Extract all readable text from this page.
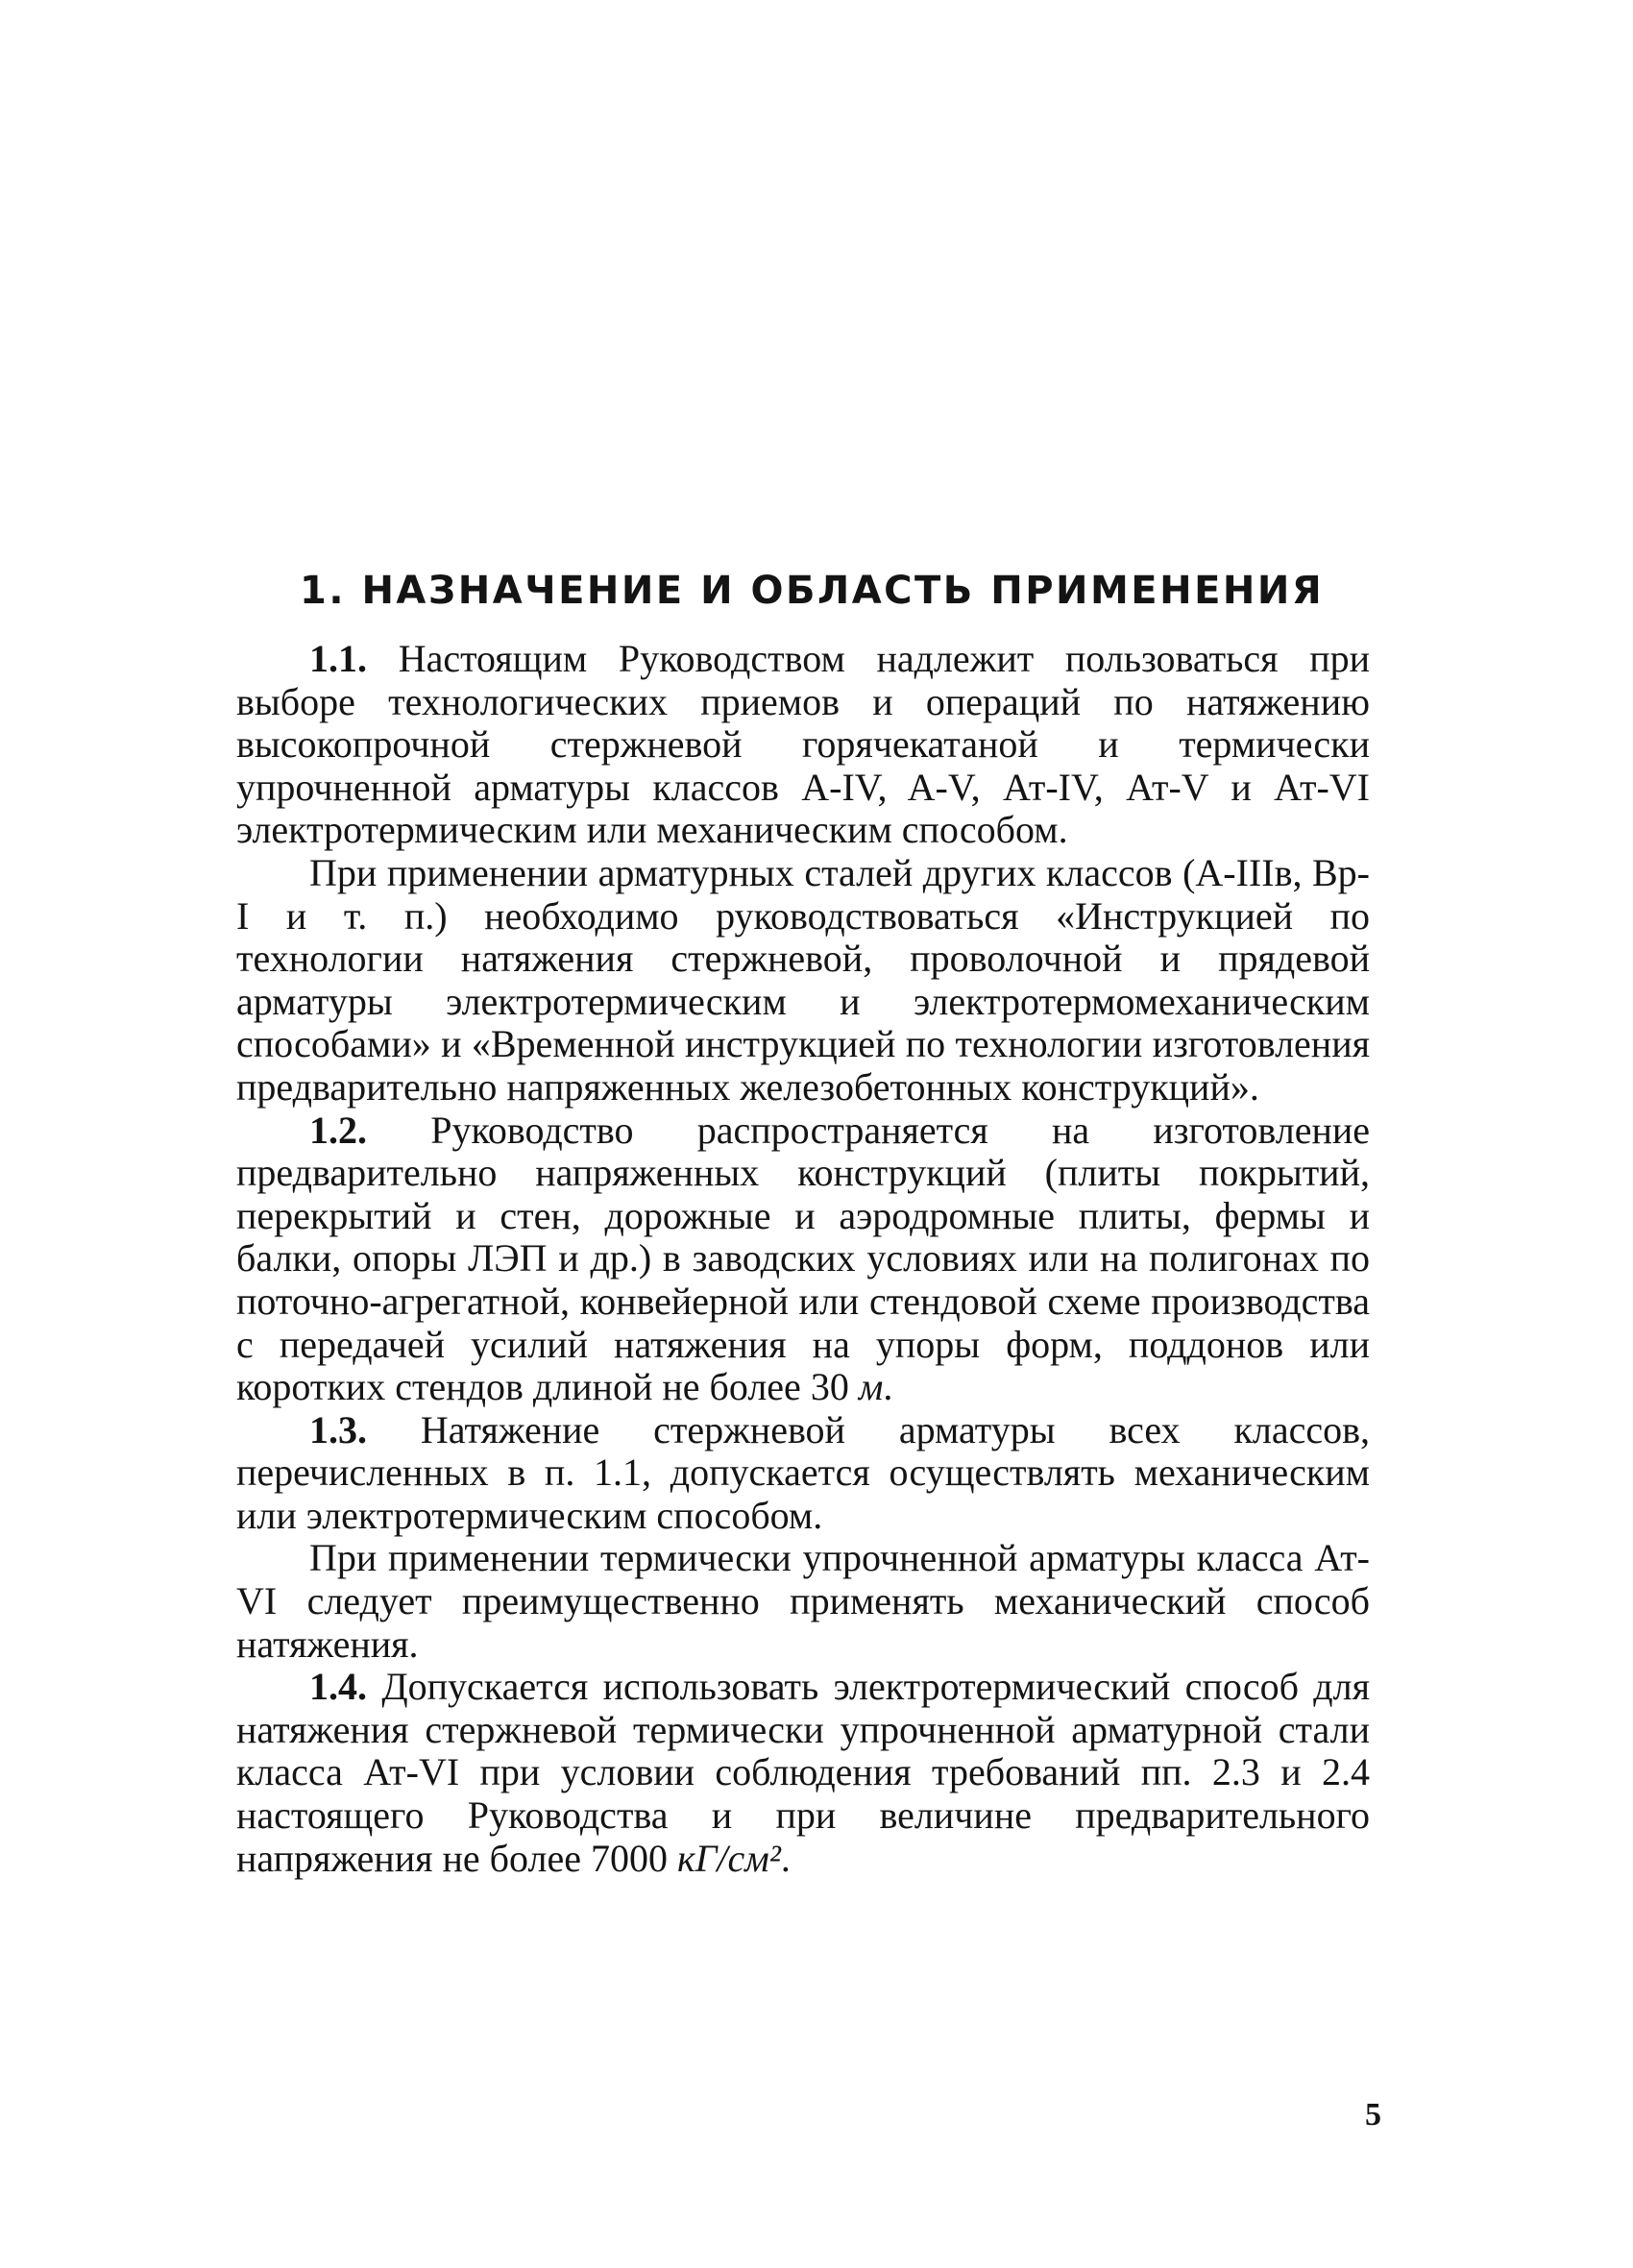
1. НАЗНАЧЕНИЕ И ОБЛАСТЬ ПРИМЕНЕНИЯ

1.1. Настоящим Руководством надлежит пользоваться при выборе технологических приемов и операций по натяжению высокопрочной стержневой горячекатаной и термически упрочненной арматуры классов A-IV, A-V, Ат-IV, Ат-V и Ат-VI электротермическим или механическим способом.

При применении арматурных сталей других классов (A-IIIв, Bp-I и т. п.) необходимо руководствоваться «Инструкцией по технологии натяжения стержневой, проволочной и прядевой арматуры электротермическим и электротермомеханическим способами» и «Временной инструкцией по технологии изготовления предварительно напряженных железобетонных конструкций».

1.2. Руководство распространяется на изготовление предварительно напряженных конструкций (плиты покрытий, перекрытий и стен, дорожные и аэродромные плиты, фермы и балки, опоры ЛЭП и др.) в заводских условиях или на полигонах по поточно-агрегатной, конвейерной или стендовой схеме производства с передачей усилий натяжения на упоры форм, поддонов или коротких стендов длиной не более 30 м.

1.3. Натяжение стержневой арматуры всех классов, перечисленных в п. 1.1, допускается осуществлять механическим или электротермическим способом.

При применении термически упрочненной арматуры класса Ат-VI следует преимущественно применять механический способ натяжения.

1.4. Допускается использовать электротермический способ для натяжения стержневой термически упрочненной арматурной стали класса Ат-VI при условии соблюдения требований пп. 2.3 и 2.4 настоящего Руководства и при величине предварительного напряжения не более 7000 кГ/см².

5
